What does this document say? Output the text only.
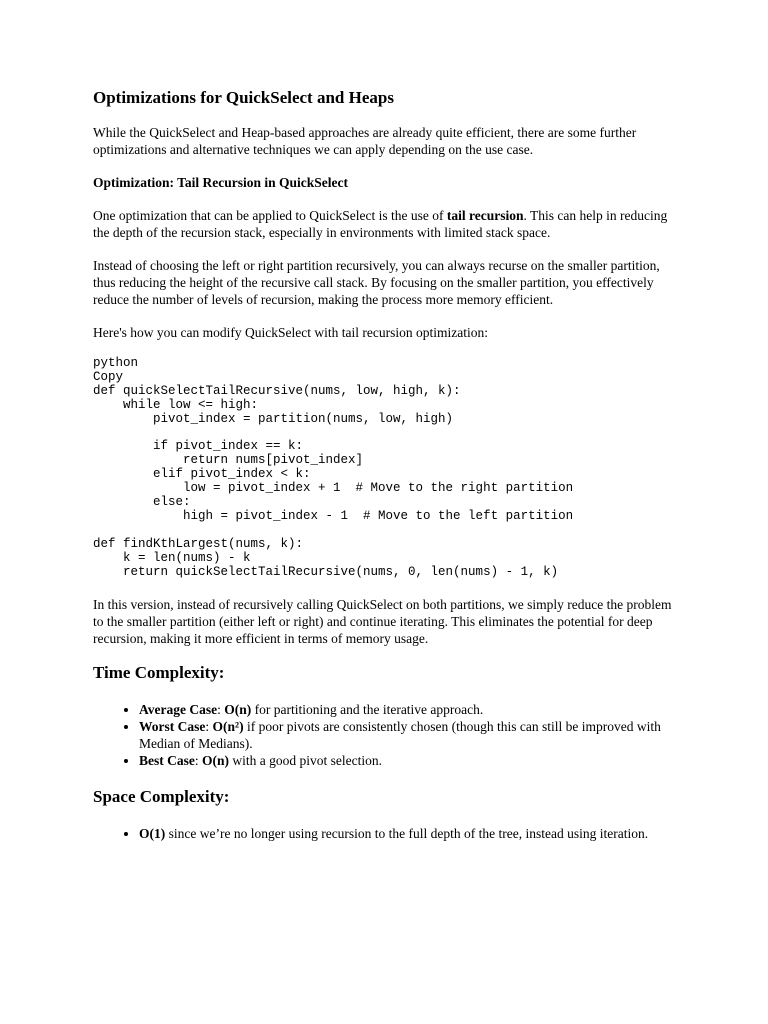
Optimizations for QuickSelect and Heaps

While the QuickSelect and Heap-based approaches are already quite efficient, there are some further optimizations and alternative techniques we can apply depending on the use case.

Optimization: Tail Recursion in QuickSelect

One optimization that can be applied to QuickSelect is the use of tail recursion. This can help in reducing the depth of the recursion stack, especially in environments with limited stack space.

Instead of choosing the left or right partition recursively, you can always recurse on the smaller partition, thus reducing the height of the recursive call stack. By focusing on the smaller partition, you effectively reduce the number of levels of recursion, making the process more memory efficient.

Here's how you can modify QuickSelect with tail recursion optimization:

python
Copy
def quickSelectTailRecursive(nums, low, high, k):
while low <= high:
pivot_index = partition(nums, low, high)

if pivot_index == k:
return nums[pivot_index]
elif pivot_index < k:
low = pivot_index + 1  # Move to the right partition
else:
high = pivot_index - 1  # Move to the left partition

def findKthLargest(nums, k):
k = len(nums) - k
return quickSelectTailRecursive(nums, 0, len(nums) - 1, k)

In this version, instead of recursively calling QuickSelect on both partitions, we simply reduce the problem to the smaller partition (either left or right) and continue iterating. This eliminates the potential for deep recursion, making it more efficient in terms of memory usage.

Time Complexity:
• Average Case: O(n) for partitioning and the iterative approach.
• Worst Case: O(n²) if poor pivots are consistently chosen (though this can still be improved with Median of Medians).
• Best Case: O(n) with a good pivot selection.
Space Complexity:
• O(1) since we’re no longer using recursion to the full depth of the tree, instead using iteration.
